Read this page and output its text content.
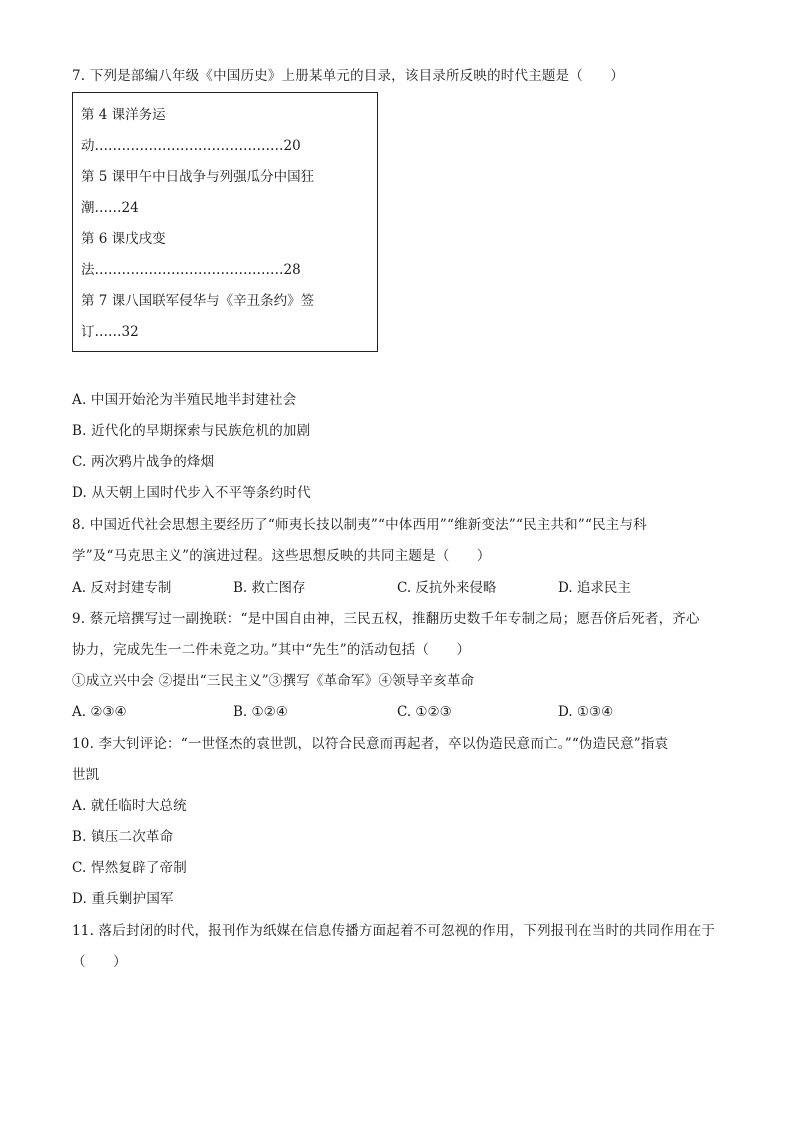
7. 下列是部编八年级《中国历史》上册某单元的目录，该目录所反映的时代主题是（　　）
第 4 课洋务运
动……………………………………20
第 5 课甲午中日战争与列强瓜分中国狂
潮……24
第 6 课戊戌变
法……………………………………28
第 7 课八国联军侵华与《辛丑条约》签
订……32
A. 中国开始沦为半殖民地半封建社会
B. 近代化的早期探索与民族危机的加剧
C. 两次鸦片战争的烽烟
D. 从天朝上国时代步入不平等条约时代
8. 中国近代社会思想主要经历了“师夷长技以制夷”“中体西用”“维新变法”“民主共和”“民主与科
学”及“马克思主义”的演进过程。这些思想反映的共同主题是（　　）
A. 反对封建专制	B. 救亡图存	C. 反抗外来侵略	D. 追求民主
9. 蔡元培撰写过一副挽联：“是中国自由神，三民五权，推翻历史数千年专制之局；愿吾侪后死者，齐心
协力，完成先生一二件未竟之功。”其中“先生”的活动包括（　　）
①成立兴中会 ②提出“三民主义”③撰写《革命军》④领导辛亥革命
A. ②③④	B. ①②④	C. ①②③	D. ①③④
10. 李大钊评论：“一世怪杰的袁世凯，以符合民意而再起者，卒以伪造民意而亡。”“伪造民意”指袁
世凯
A. 就任临时大总统
B. 镇压二次革命
C. 悍然复辟了帝制
D. 重兵剿护国军
11. 落后封闭的时代，报刊作为纸媒在信息传播方面起着不可忽视的作用，下列报刊在当时的共同作用在于
（　　）
